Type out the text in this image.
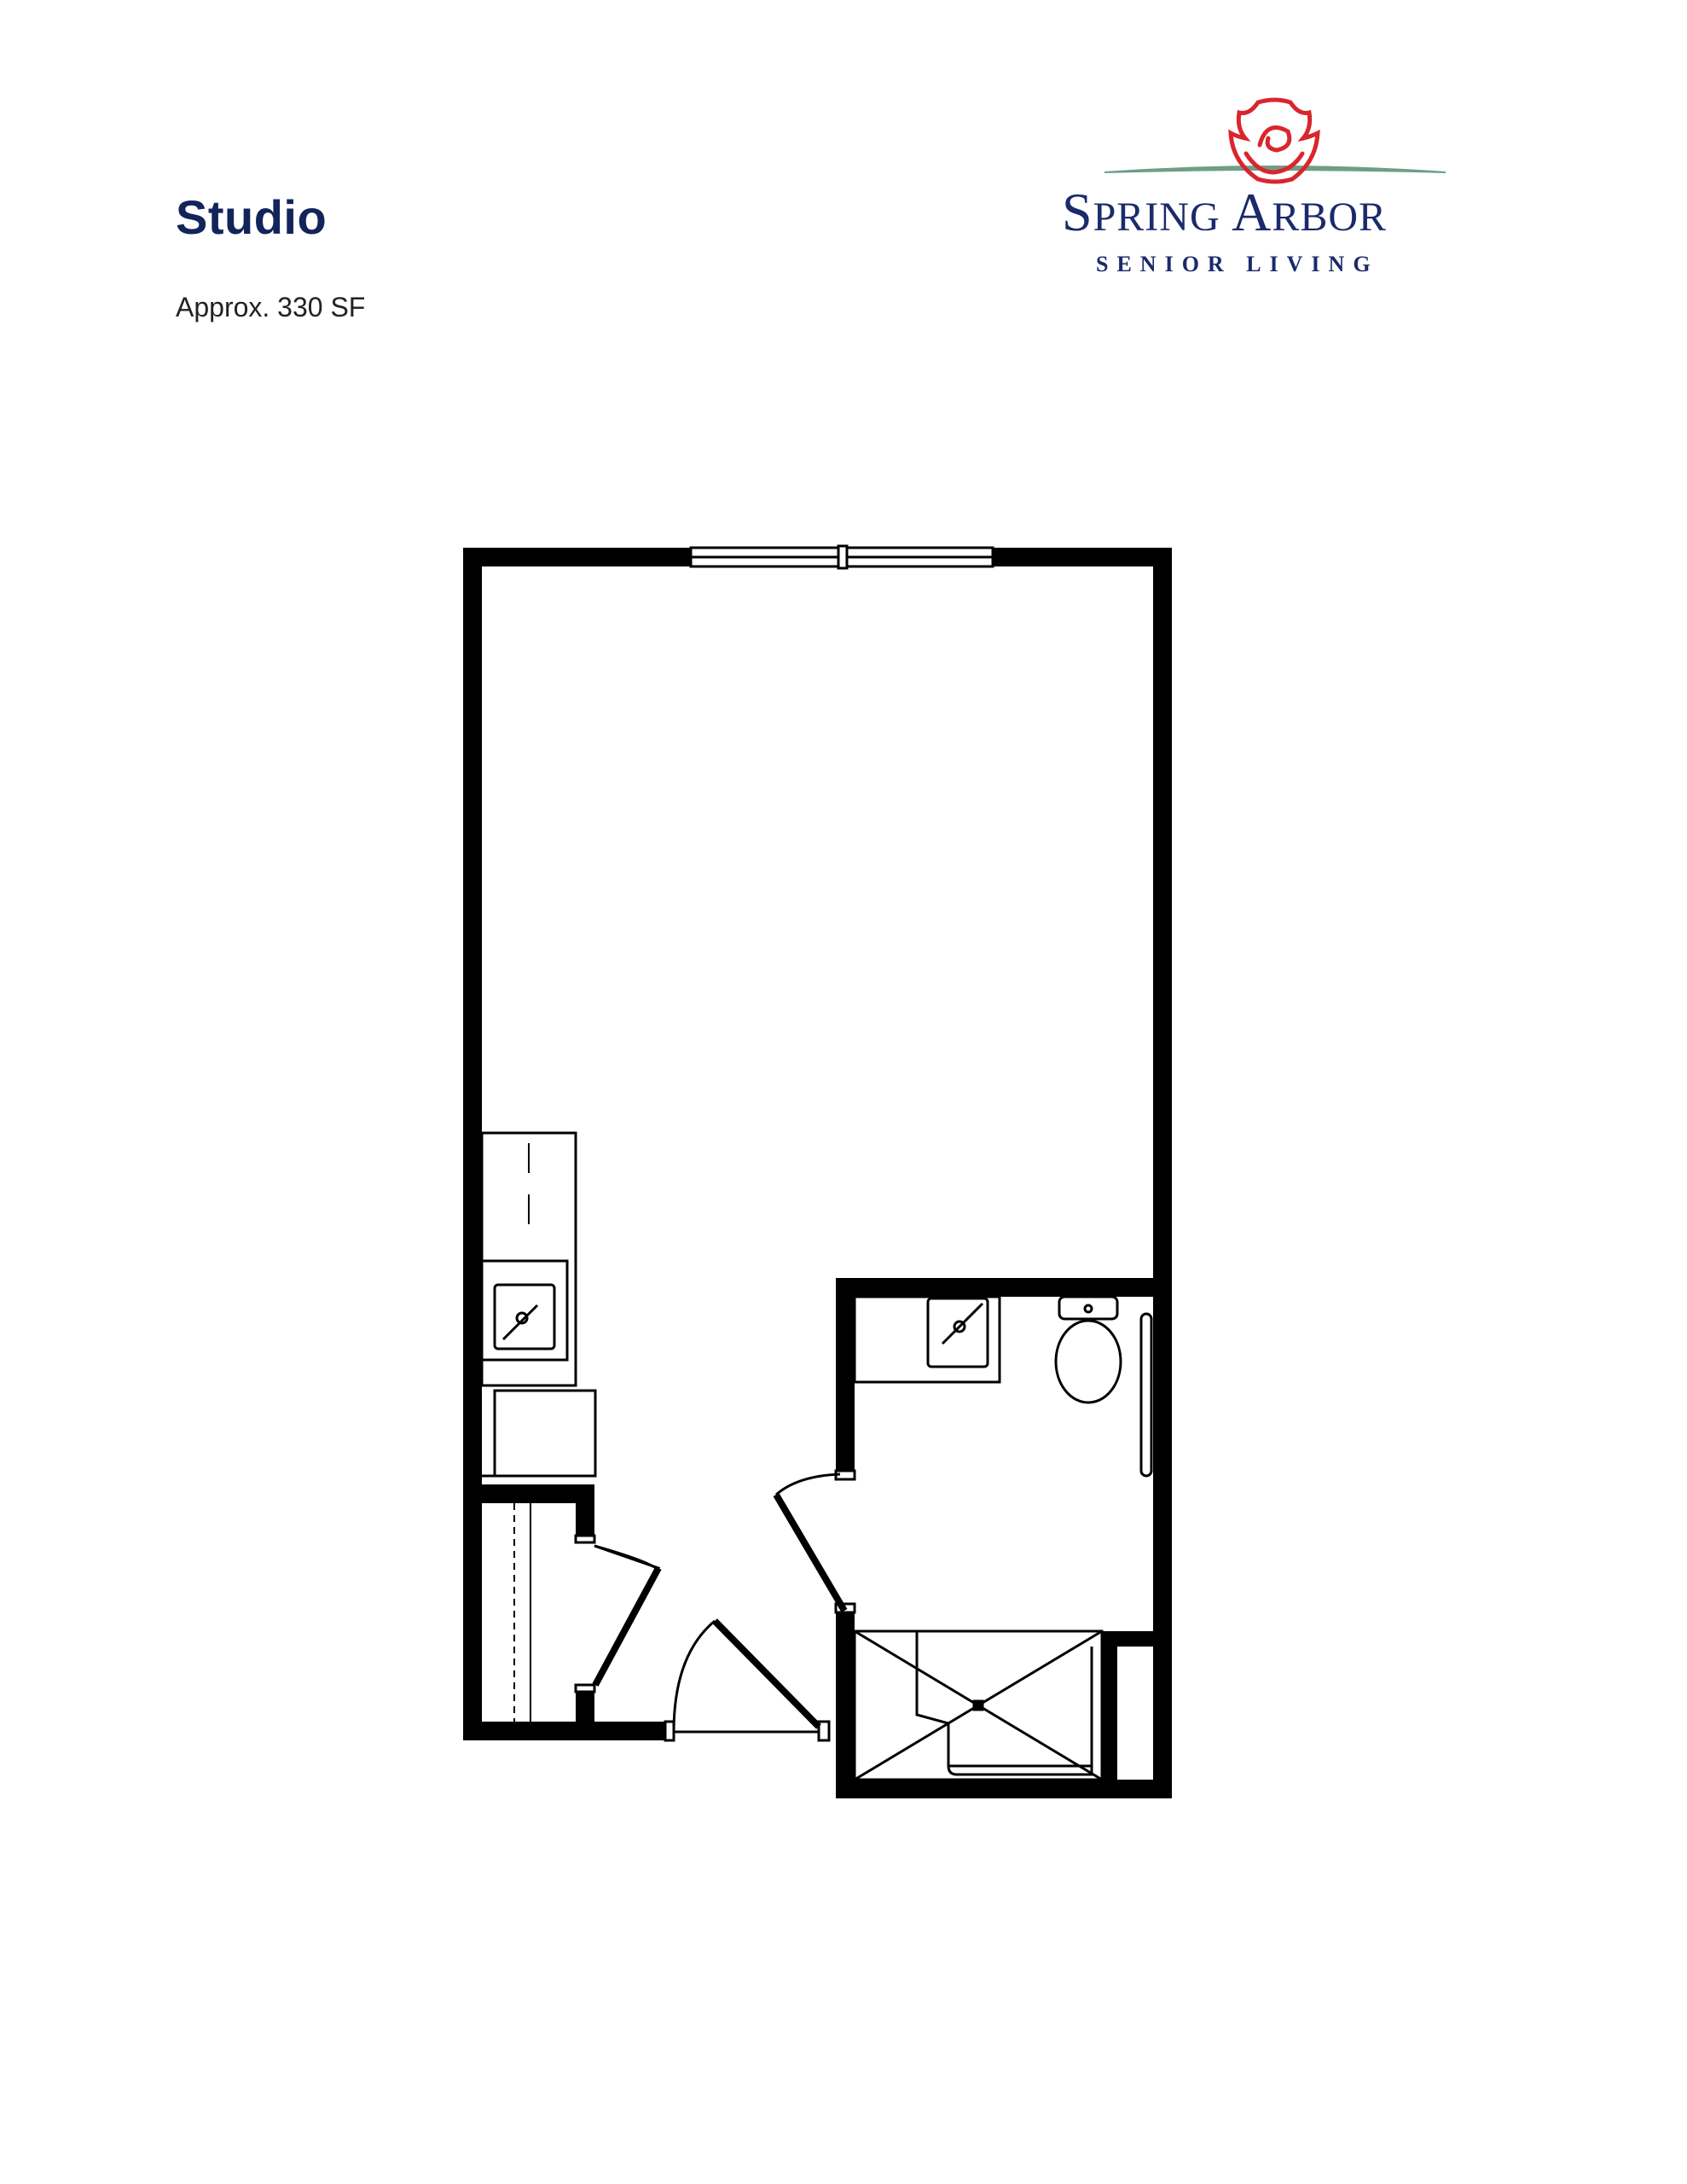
Studio
Approx. 330 SF
SPRING ARBOR
SENIOR LIVING
